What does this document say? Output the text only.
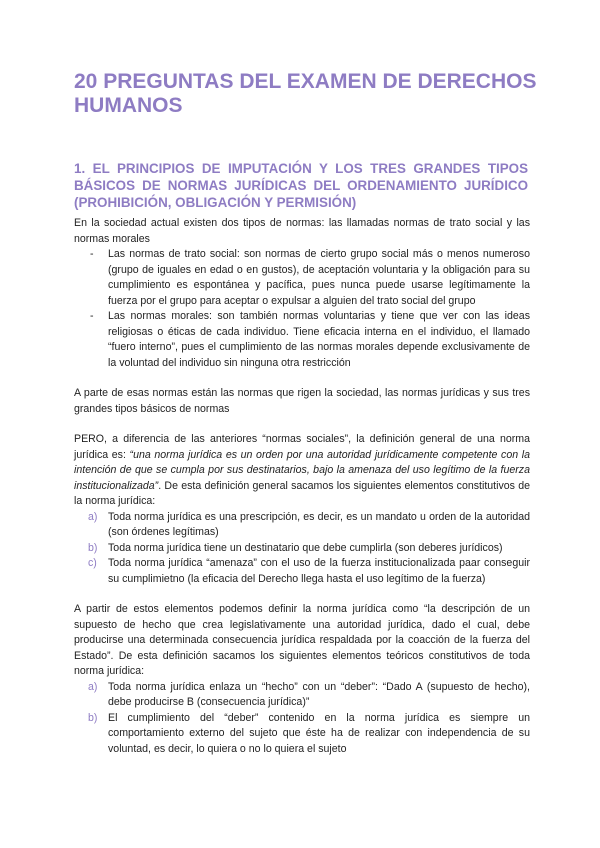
20 PREGUNTAS DEL EXAMEN DE DERECHOS HUMANOS
1. EL PRINCIPIOS DE IMPUTACIÓN Y LOS TRES GRANDES TIPOS BÁSICOS DE NORMAS JURÍDICAS DEL ORDENAMIENTO JURÍDICO (PROHIBICIÓN, OBLIGACIÓN Y PERMISIÓN)

En la sociedad actual existen dos tipos de normas: las llamadas normas de trato social y las normas morales

- Las normas de trato social: son normas de cierto grupo social más o menos numeroso (grupo de iguales en edad o en gustos), de aceptación voluntaria y la obligación para su cumplimiento es espontánea y pacífica, pues nunca puede usarse legítimamente la fuerza por el grupo para aceptar o expulsar a alguien del trato social del grupo
- Las normas morales: son también normas voluntarias y tiene que ver con las ideas religiosas o éticas de cada individuo. Tiene eficacia interna en el individuo, el llamado “fuero interno”, pues el cumplimiento de las normas morales depende exclusivamente de la voluntad del individuo sin ninguna otra restricción

A parte de esas normas están las normas que rigen la sociedad, las normas jurídicas y sus tres grandes tipos básicos de normas

PERO, a diferencia de las anteriores “normas sociales”, la definición general de una norma jurídica es: “una norma jurídica es un orden por una autoridad jurídicamente competente con la intención de que se cumpla por sus destinatarios, bajo la amenaza del uso legítimo de la fuerza institucionalizada”. De esta definición general sacamos los siguientes elementos constitutivos de la norma jurídica:

a) Toda norma jurídica es una prescripción, es decir, es un mandato u orden de la autoridad (son órdenes legítimas)
b) Toda norma jurídica tiene un destinatario que debe cumplirla (son deberes jurídicos)
c) Toda norma jurídica “amenaza” con el uso de la fuerza institucionalizada paar conseguir su cumplimietno (la eficacia del Derecho llega hasta el uso legítimo de la fuerza)

A partir de estos elementos podemos definir la norma jurídica como “la descripción de un supuesto de hecho que crea legislativamente una autoridad jurídica, dado el cual, debe producirse una determinada consecuencia jurídica respaldada por la coacción de la fuerza del Estado”. De esta definición sacamos los siguientes elementos teóricos constitutivos de toda norma jurídica:

a) Toda norma jurídica enlaza un “hecho” con un “deber”: “Dado A (supuesto de hecho), debe producirse B (consecuencia jurídica)”
b) El cumplimiento del “deber” contenido en la norma jurídica es siempre un comportamiento externo del sujeto que éste ha de realizar con independencia de su voluntad, es decir, lo quiera o no lo quiera el sujeto
